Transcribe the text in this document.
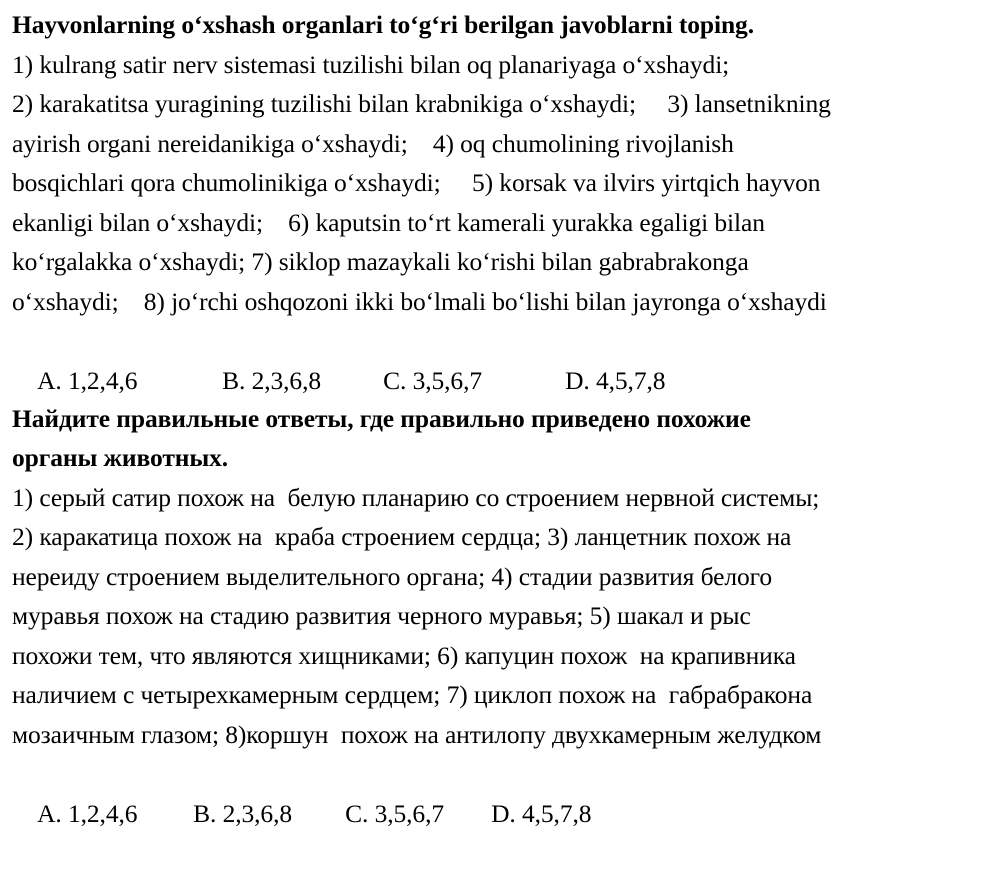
Hayvonlarning o‘xshash organlari to‘g‘ri berilgan javoblarni toping.
1) kulrang satir nerv sistemasi tuzilishi bilan oq planariyaga o‘xshaydi;
2) karakatitsa yuragining tuzilishi bilan krabnikiga o‘xshaydi;     3) lansetnikning
ayirish organi nereidanikiga o‘xshaydi;    4) oq chumolining rivojlanish
bosqichlari qora chumolinikiga o‘xshaydi;     5) korsak va ilvirs yirtqich hayvon
ekanligi bilan o‘xshaydi;    6) kaputsin to‘rt kamerali yurakka egaligi bilan
ko‘rgalakka o‘xshaydi; 7) siklop mazaykali ko‘rishi bilan gabrabrakonga
o‘xshaydi;    8) jo‘rchi oshqozoni ikki bo‘lmali bo‘lishi bilan jayronga o‘xshaydi

A. 1,2,4,6	B. 2,3,6,8 C. 3,5,6,7	D. 4,5,7,8

Найдите правильные ответы, где правильно приведено похожие
органы животных.
1) серый сатир похож на  белую планарию со строением нервной системы;
2) каракатица похож на  краба строением сердца; 3) ланцетник похож на
нереиду строением выделительного органа; 4) стадии развития белого
муравья похож на стадию развития черного муравья; 5) шакал и рыс
похожи тем, что являются хищниками; 6) капуцин похож  на крапивника
наличием с четырехкамерным сердцем; 7) циклоп похож на  габрабракона
мозаичным глазом; 8)коршун  похож на антилопу двухкамерным желудком

A. 1,2,4,6 B. 2,3,6,8 C. 3,5,6,7 D. 4,5,7,8
